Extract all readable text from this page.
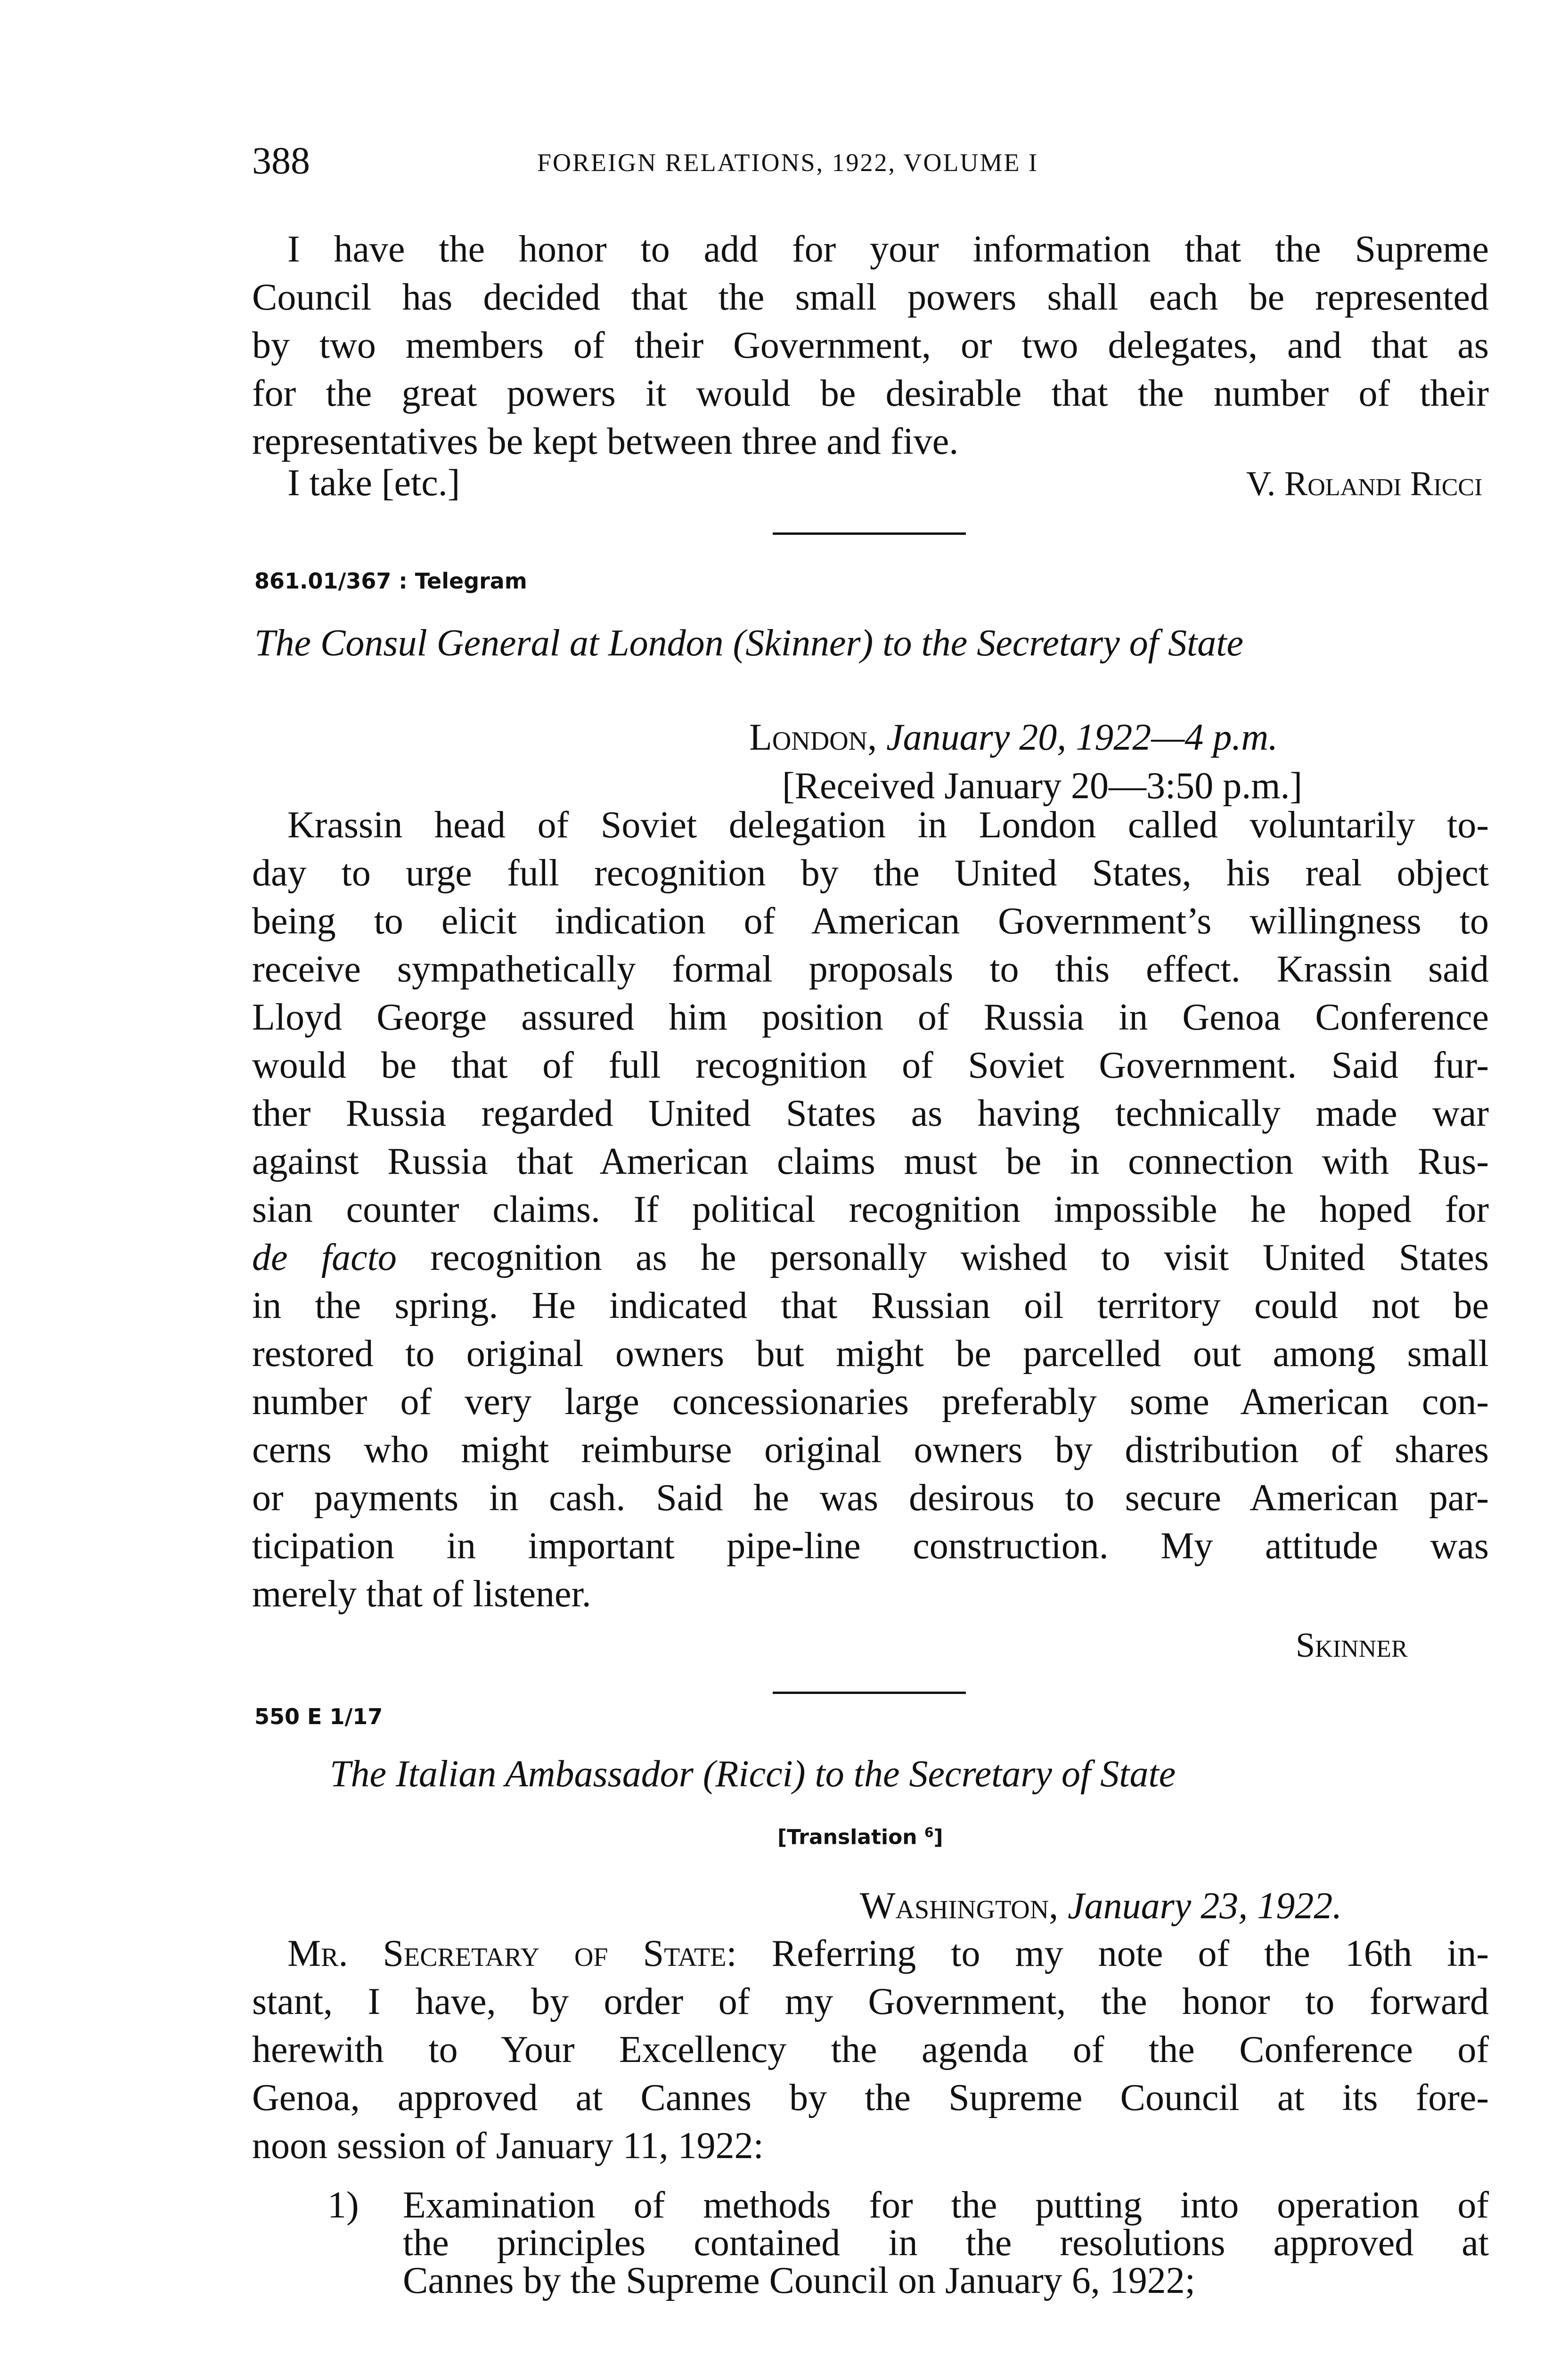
388	FOREIGN RELATIONS, 1922, VOLUME I
I have the honor to add for your information that the Supreme
Council has decided that the small powers shall each be represented
by two members of their Government, or two delegates, and that as
for the great powers it would be desirable that the number of their
representatives be kept between three and five.
I take [etc.]	V. Rolandi Ricci
861.01/367 : Telegram
The Consul General at London (Skinner) to the Secretary of State
London, January 20, 1922—4 p.m.
[Received January 20—3:50 p.m.]
Krassin head of Soviet delegation in London called voluntarily to-
day to urge full recognition by the United States, his real object
being to elicit indication of American Government’s willingness to
receive sympathetically formal proposals to this effect. Krassin said
Lloyd George assured him position of Russia in Genoa Conference
would be that of full recognition of Soviet Government. Said fur-
ther Russia regarded United States as having technically made war
against Russia that American claims must be in connection with Rus-
sian counter claims. If political recognition impossible he hoped for
de facto recognition as he personally wished to visit United States
in the spring. He indicated that Russian oil territory could not be
restored to original owners but might be parcelled out among small
number of very large concessionaries preferably some American con-
cerns who might reimburse original owners by distribution of shares
or payments in cash. Said he was desirous to secure American par-
ticipation in important pipe-line construction. My attitude was
merely that of listener.
Skinner
550 E 1/17
The Italian Ambassador (Ricci) to the Secretary of State
[Translation $^6$]
Washington, January 23, 1922.
Mr. Secretary of State: Referring to my note of the 16th in-
stant, I have, by order of my Government, the honor to forward
herewith to Your Excellency the agenda of the Conference of
Genoa, approved at Cannes by the Supreme Council at its fore-
noon session of January 11, 1922:
1) Examination of methods for the putting into operation of
the principles contained in the resolutions approved at
Cannes by the Supreme Council on January 6, 1922;
